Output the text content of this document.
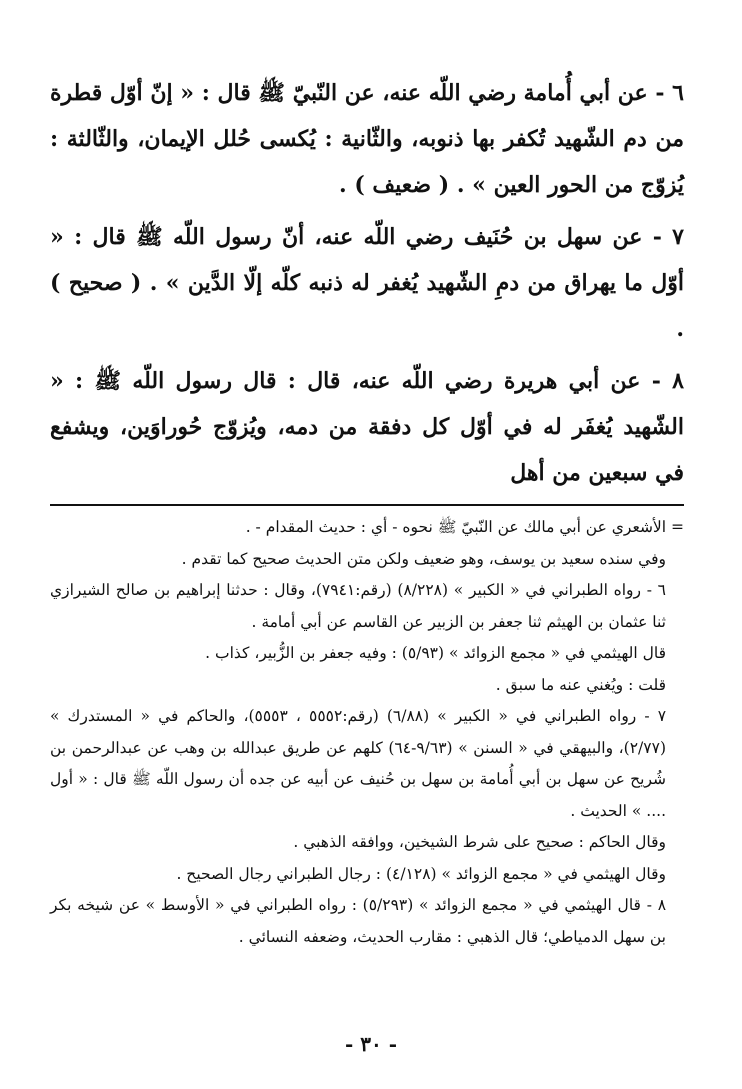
٦ - عن أبي أُمامة رضي اللّه عنه، عن النّبيّ ﷺ قال : « إنّ أوّل قطرة من دم الشّهيد تُكفر بها ذنوبه، والثّانية : يُكسى حُلل الإيمان، والثّالثة : يُزوّج من الحور العين » . ( ضعيف ) .

٧ - عن سهل بن حُنَيف رضي اللّه عنه، أنّ رسول اللّه ﷺ قال : « أوّل ما يهراق من دمِ الشّهيد يُغفر له ذنبه كلّه إلّا الدَّين » . ( صحيح ) .

٨ - عن أبي هريرة رضي اللّه عنه، قال : قال رسول اللّه ﷺ : « الشّهيد يُغفَر له في أوّل كل دفقة من دمه، ويُزوّج حُوراوَين، ويشفع في سبعين من أهل

= الأشعري عن أبي مالك عن النّبيّ ﷺ نحوه - أي : حديث المقدام - .

وفي سنده سعيد بن يوسف، وهو ضعيف ولكن متن الحديث صحيح كما تقدم .

٦ - رواه الطبراني في « الكبير » (٨/٢٢٨) (رقم:٧٩٤١)، وقال : حدثنا إبراهيم بن صالح الشيرازي ثنا عثمان بن الهيثم ثنا جعفر بن الزبير عن القاسم عن أبي أمامة .

قال الهيثمي في « مجمع الزوائد » (٥/٩٣) : وفيه جعفر بن الزُّبير، كذاب .

قلت : ويُغني عنه ما سبق .

٧ - رواه الطبراني في « الكبير » (٦/٨٨) (رقم:٥٥٥٢ ، ٥٥٥٣)، والحاكم في « المستدرك » (٢/٧٧)، والبيهقي في « السنن » (٩/٦٣-٦٤) كلهم عن طريق عبدالله بن وهب عن عبدالرحمن بن شُريح عن سهل بن أبي أُمامة بن سهل بن حُنيف عن أبيه عن جده أن رسول اللّه ﷺ قال : « أول .... » الحديث .

وقال الحاكم : صحيح على شرط الشيخين، ووافقه الذهبي .

وقال الهيثمي في « مجمع الزوائد » (٤/١٢٨) : رجال الطبراني رجال الصحيح .

٨ - قال الهيثمي في « مجمع الزوائد » (٥/٢٩٣) : رواه الطبراني في « الأوسط » عن شيخه بكر بن سهل الدمياطي؛ قال الذهبي : مقارب الحديث، وضعفه النسائي .

- ٣٠ -
